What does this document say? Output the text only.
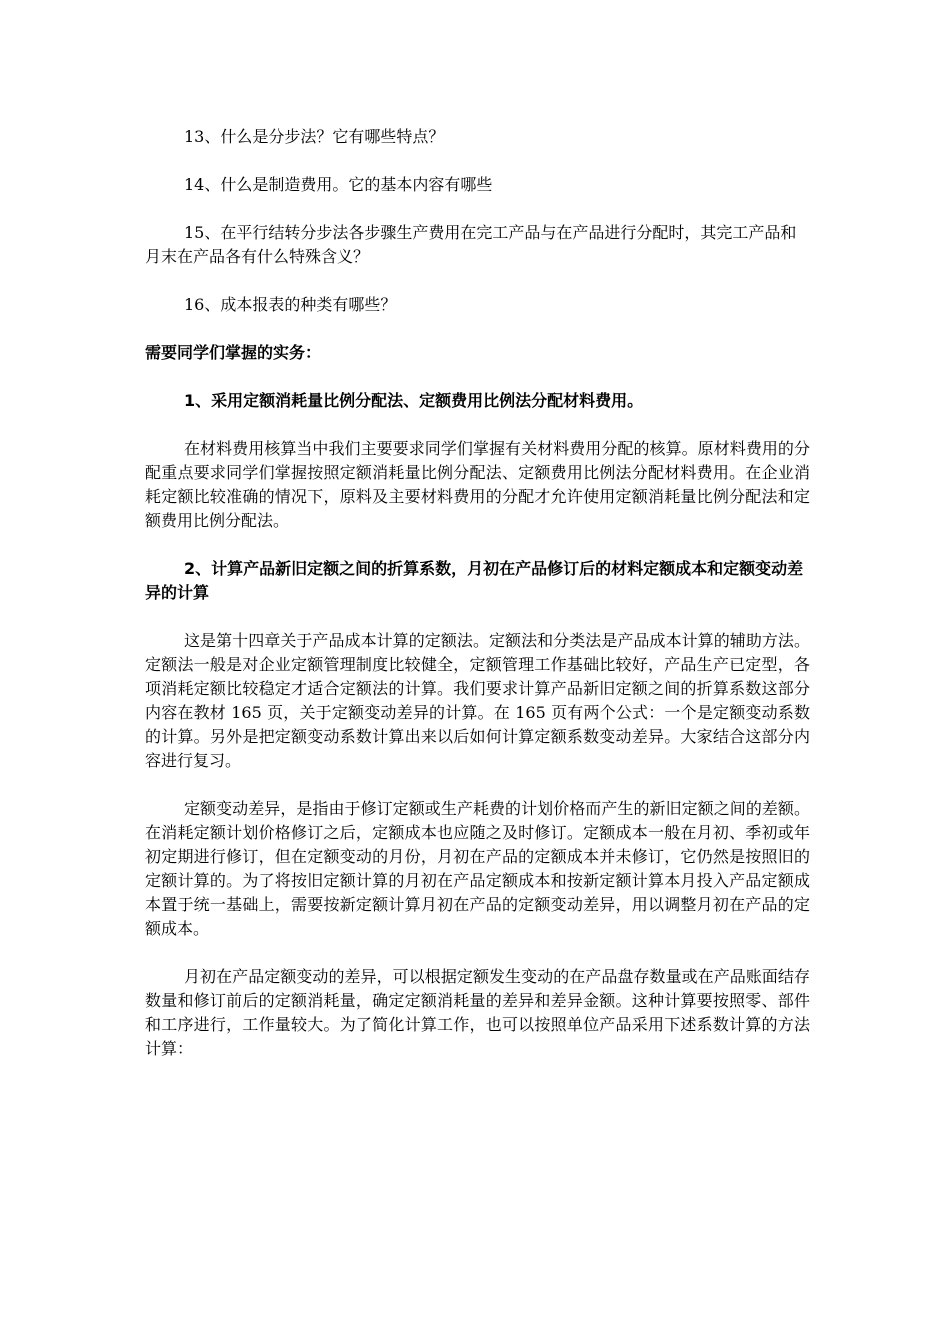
13、什么是分步法？它有哪些特点？

14、什么是制造费用。它的基本内容有哪些

15、在平行结转分步法各步骤生产费用在完工产品与在产品进行分配时，其完工产品和月末在产品各有什么特殊含义？

16、成本报表的种类有哪些？

需要同学们掌握的实务：

1、采用定额消耗量比例分配法、定额费用比例法分配材料费用。

在材料费用核算当中我们主要要求同学们掌握有关材料费用分配的核算。原材料费用的分配重点要求同学们掌握按照定额消耗量比例分配法、定额费用比例法分配材料费用。在企业消耗定额比较准确的情况下，原料及主要材料费用的分配才允许使用定额消耗量比例分配法和定额费用比例分配法。

2、计算产品新旧定额之间的折算系数，月初在产品修订后的材料定额成本和定额变动差异的计算

这是第十四章关于产品成本计算的定额法。定额法和分类法是产品成本计算的辅助方法。定额法一般是对企业定额管理制度比较健全，定额管理工作基础比较好，产品生产已定型，各项消耗定额比较稳定才适合定额法的计算。我们要求计算产品新旧定额之间的折算系数这部分内容在教材 165 页，关于定额变动差异的计算。在 165 页有两个公式：一个是定额变动系数的计算。另外是把定额变动系数计算出来以后如何计算定额系数变动差异。大家结合这部分内容进行复习。

定额变动差异，是指由于修订定额或生产耗费的计划价格而产生的新旧定额之间的差额。在消耗定额计划价格修订之后，定额成本也应随之及时修订。定额成本一般在月初、季初或年初定期进行修订，但在定额变动的月份，月初在产品的定额成本并未修订，它仍然是按照旧的定额计算的。为了将按旧定额计算的月初在产品定额成本和按新定额计算本月投入产品定额成本置于统一基础上，需要按新定额计算月初在产品的定额变动差异，用以调整月初在产品的定额成本。

月初在产品定额变动的差异，可以根据定额发生变动的在产品盘存数量或在产品账面结存数量和修订前后的定额消耗量，确定定额消耗量的差异和差异金额。这种计算要按照零、部件和工序进行，工作量较大。为了简化计算工作，也可以按照单位产品采用下述系数计算的方法计算：
